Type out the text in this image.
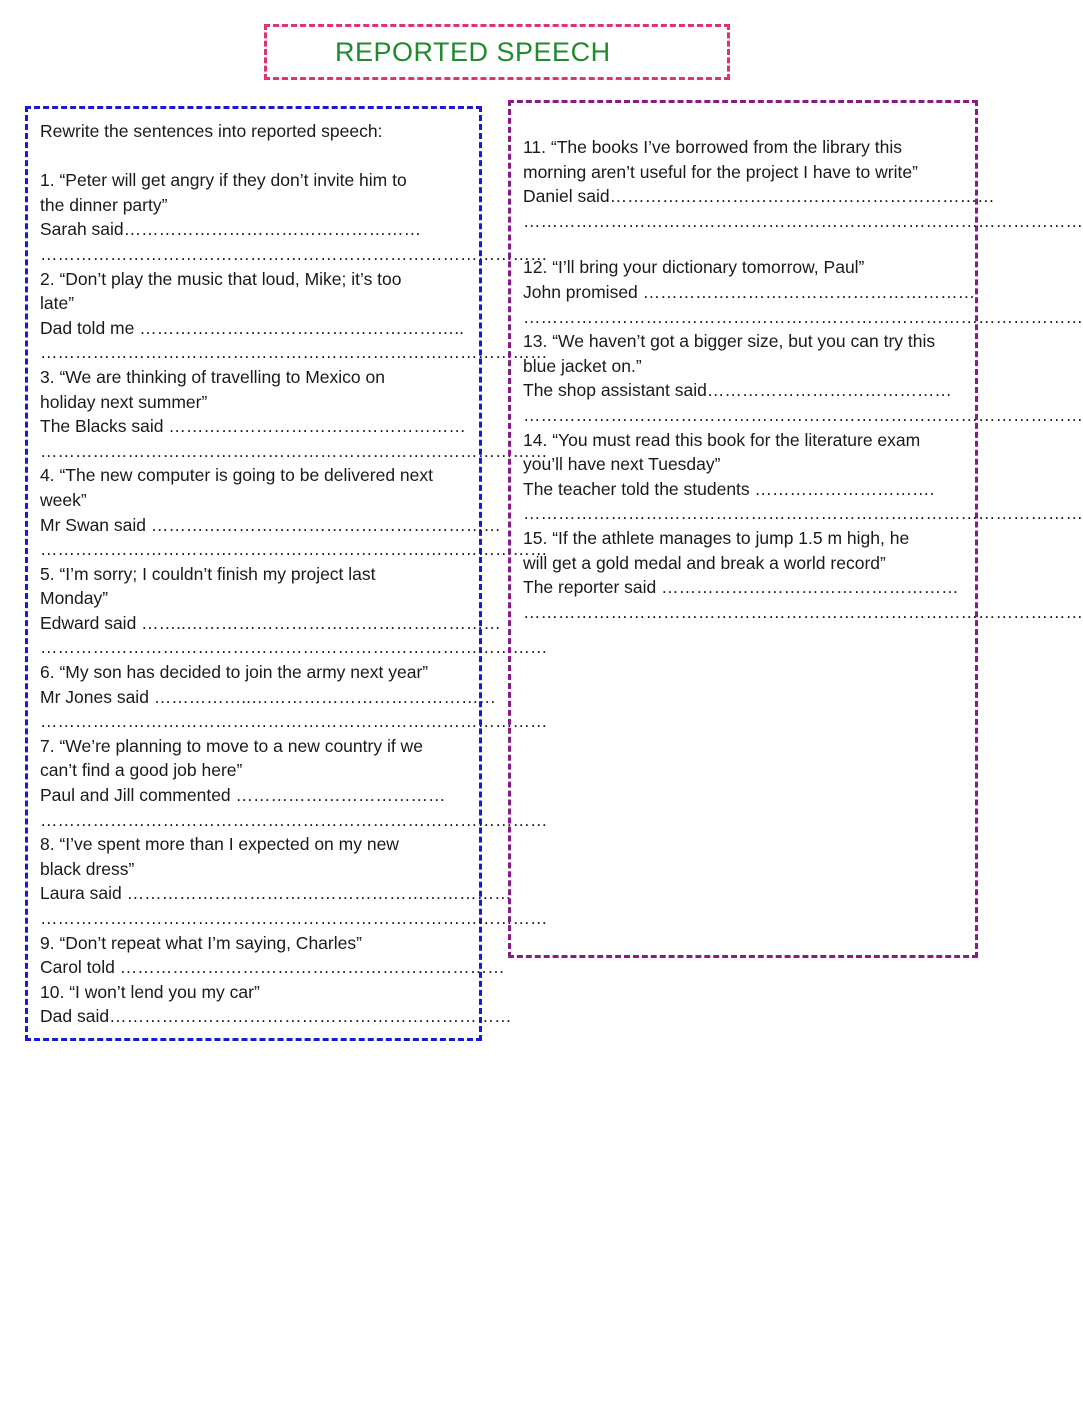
REPORTED SPEECH
Rewrite the sentences into reported speech:
1. “Peter will get angry if they don’t invite him to
the dinner party”
Sarah said……………………………………………
……………………………………………………………………………
2. “Don’t play the music that loud, Mike; it’s too
late”
Dad told me ………………………………………………..
……………………………………………………………………………
3. “We are thinking of travelling to Mexico on
holiday next summer”
The Blacks said ……………………………………………
……………………………………………………………………………
4. “The new computer is going to be delivered next
week”
Mr Swan said ……………………………………………………
……………………………………………………………………………
5. “I’m sorry; I couldn’t finish my project last
Monday”
Edward said ……..………………………………………………
……………………………………………………………………………
6. “My son has decided to join the army next year”
Mr Jones said ……………..……………………………………
……………………………………………………………………………
7. “We’re planning to move to a new country if we
can’t find a good job here”
Paul and Jill commented ………………………………
……………………………………………………………………………
8. “I’ve spent more than I expected on my new
black dress”
Laura said …………………………………………………………
……………………………………………………………………………
9. “Don’t repeat what I’m saying, Charles”
Carol told …………………………………………………………
10. “I won’t lend you my car”
Dad said……………………………………………………………
11. “The books I’ve borrowed from the library this
morning aren’t useful for the project I have to write”
Daniel said…………………………………………………………
……………………………………………………………………………………
12. “I’ll bring your dictionary tomorrow, Paul”
John promised …………………………………………………
……………………………………………………………………………………
13. “We haven’t got a bigger size, but you can try this
blue jacket on.”
The shop assistant said……………………………………
……………………………………………………………………………………
14. “You must read this book for the literature exam
you’ll have next Tuesday”
The teacher told the students ………………………….
……………………………………………………………………………………
15. “If the athlete manages to jump 1.5 m high, he
will get a gold medal and break a world record”
The reporter said ……………………………………………
……………………………………………………………………………………
